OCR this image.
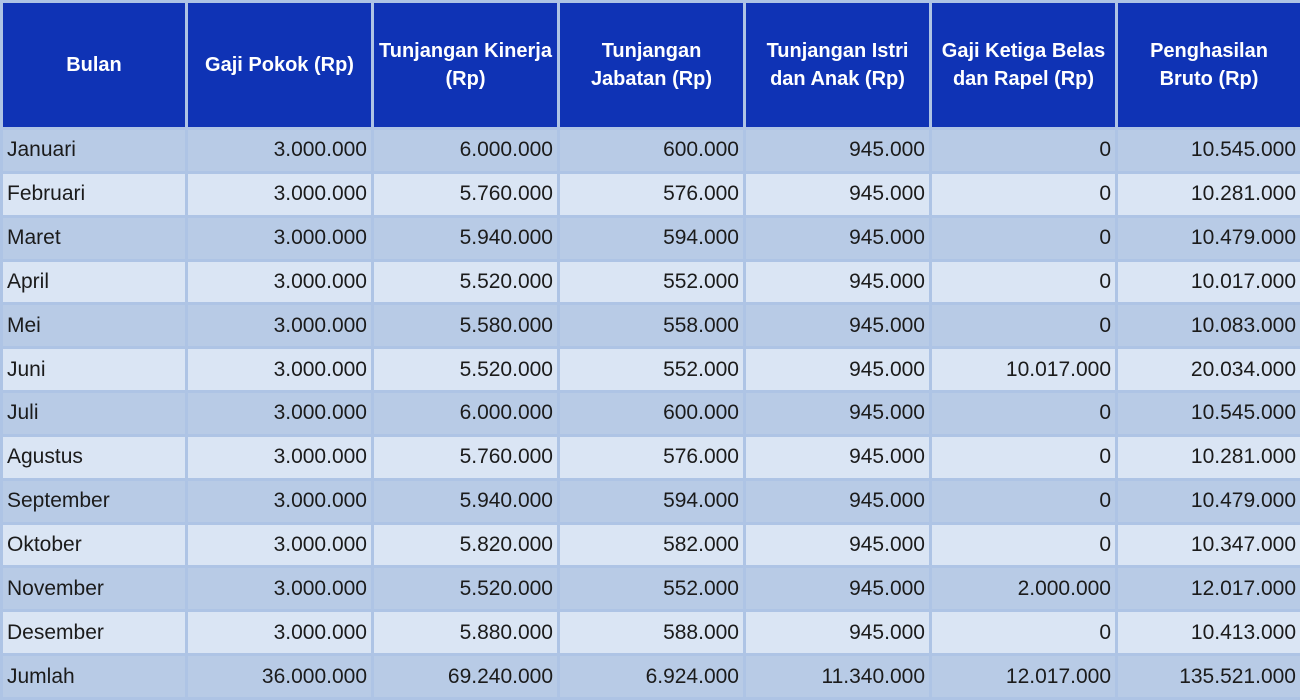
Bulan	Gaji Pokok (Rp)	Tunjangan Kinerja (Rp)	Tunjangan Jabatan (Rp)	Tunjangan Istri dan Anak (Rp)	Gaji Ketiga Belas dan Rapel (Rp)	Penghasilan Bruto (Rp)
Januari	3.000.000	6.000.000	600.000	945.000	0	10.545.000
Februari	3.000.000	5.760.000	576.000	945.000	0	10.281.000
Maret	3.000.000	5.940.000	594.000	945.000	0	10.479.000
April	3.000.000	5.520.000	552.000	945.000	0	10.017.000
Mei	3.000.000	5.580.000	558.000	945.000	0	10.083.000
Juni	3.000.000	5.520.000	552.000	945.000	10.017.000	20.034.000
Juli	3.000.000	6.000.000	600.000	945.000	0	10.545.000
Agustus	3.000.000	5.760.000	576.000	945.000	0	10.281.000
September	3.000.000	5.940.000	594.000	945.000	0	10.479.000
Oktober	3.000.000	5.820.000	582.000	945.000	0	10.347.000
November	3.000.000	5.520.000	552.000	945.000	2.000.000	12.017.000
Desember	3.000.000	5.880.000	588.000	945.000	0	10.413.000
Jumlah	36.000.000	69.240.000	6.924.000	11.340.000	12.017.000	135.521.000
